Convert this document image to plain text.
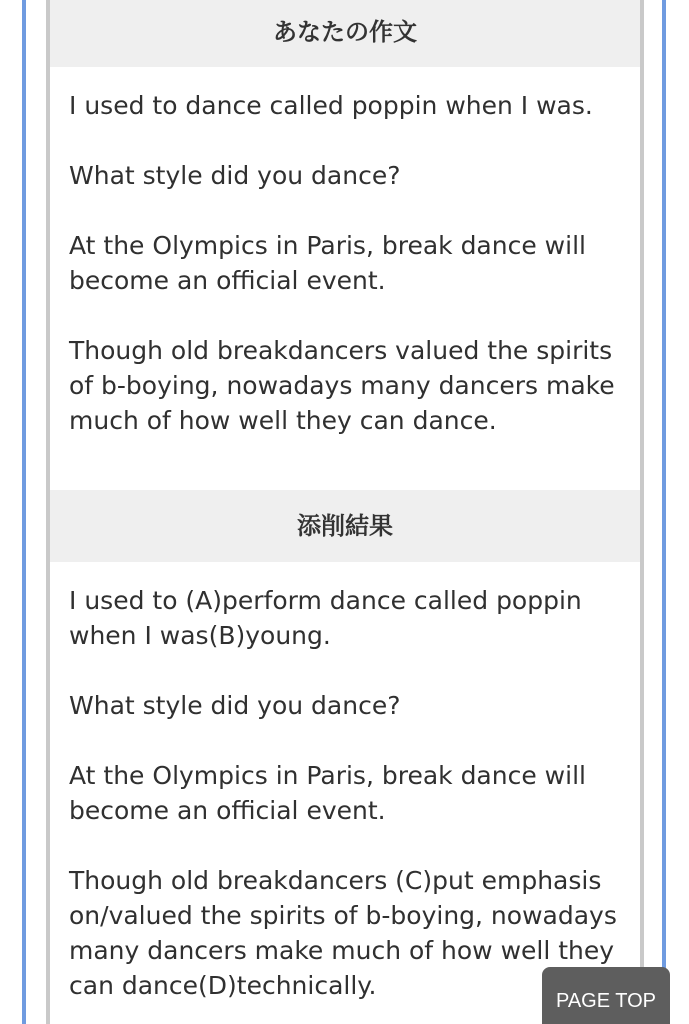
あなたの作文

I used to dance called poppin when I was.

What style did you dance?

At the Olympics in Paris, break dance will become an official event.

Though old breakdancers valued the spirits of b-boying, nowadays many dancers make much of how well they can dance.

添削結果

I used to (A)perform dance called poppin when I was(B)young.

What style did you dance?

At the Olympics in Paris, break dance will become an official event.

Though old breakdancers (C)put emphasis on/valued the spirits of b-boying, nowadays many dancers make much of how well they can dance(D)technically.

PAGE TOP
